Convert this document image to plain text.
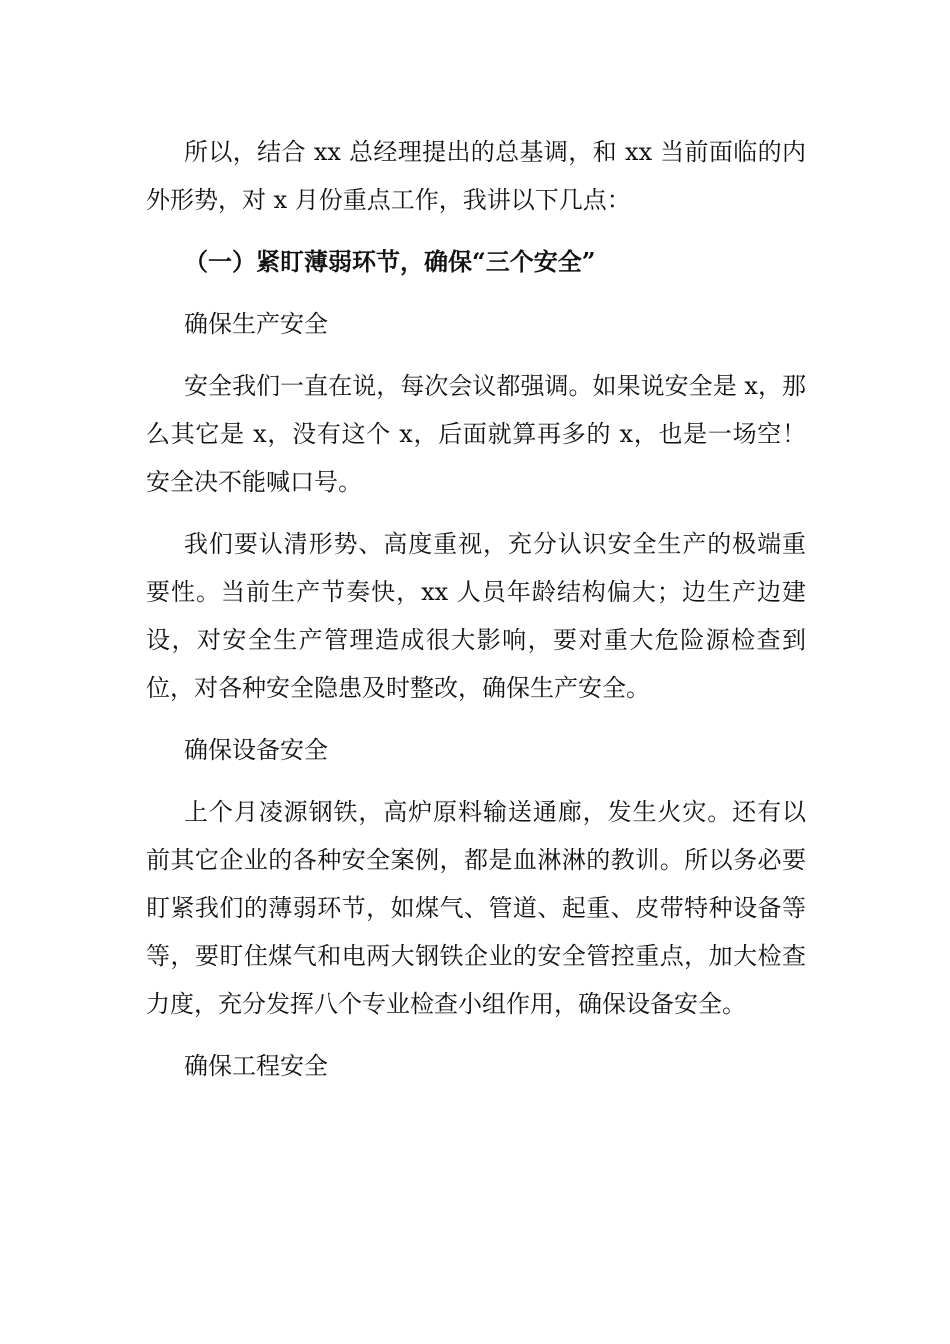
所以，结合 xx 总经理提出的总基调，和 xx 当前面临的内外形势，对 x 月份重点工作，我讲以下几点：

（一）紧盯薄弱环节，确保“三个安全”

确保生产安全

安全我们一直在说，每次会议都强调。如果说安全是 x，那么其它是 x，没有这个 x，后面就算再多的 x，也是一场空！安全决不能喊口号。

我们要认清形势、高度重视，充分认识安全生产的极端重要性。当前生产节奏快，xx 人员年龄结构偏大；边生产边建设，对安全生产管理造成很大影响，要对重大危险源检查到位，对各种安全隐患及时整改，确保生产安全。

确保设备安全

上个月凌源钢铁，高炉原料输送通廊，发生火灾。还有以前其它企业的各种安全案例，都是血淋淋的教训。所以务必要盯紧我们的薄弱环节，如煤气、管道、起重、皮带特种设备等等，要盯住煤气和电两大钢铁企业的安全管控重点，加大检查力度，充分发挥八个专业检查小组作用，确保设备安全。

确保工程安全
